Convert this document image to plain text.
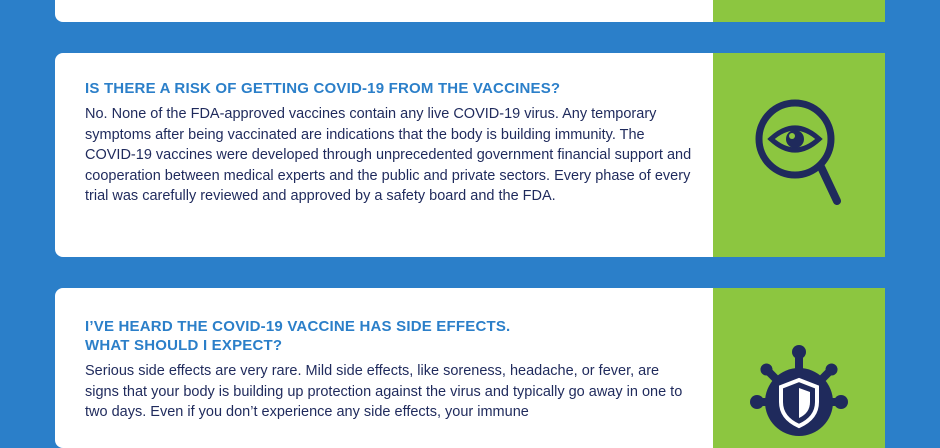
IS THERE A RISK OF GETTING COVID-19 FROM THE VACCINES?

No. None of the FDA-approved vaccines contain any live COVID-19 virus. Any temporary symptoms after being vaccinated are indications that the body is building immunity. The COVID-19 vaccines were developed through unprecedented government financial support and cooperation between medical experts and the public and private sectors. Every phase of every trial was carefully reviewed and approved by a safety board and the FDA.

I’VE HEARD THE COVID-19 VACCINE HAS SIDE EFFECTS.
WHAT SHOULD I EXPECT?

Serious side effects are very rare. Mild side effects, like soreness, headache, or fever, are signs that your body is building up protection against the virus and typically go away in one to two days. Even if you don’t experience any side effects, your immune
